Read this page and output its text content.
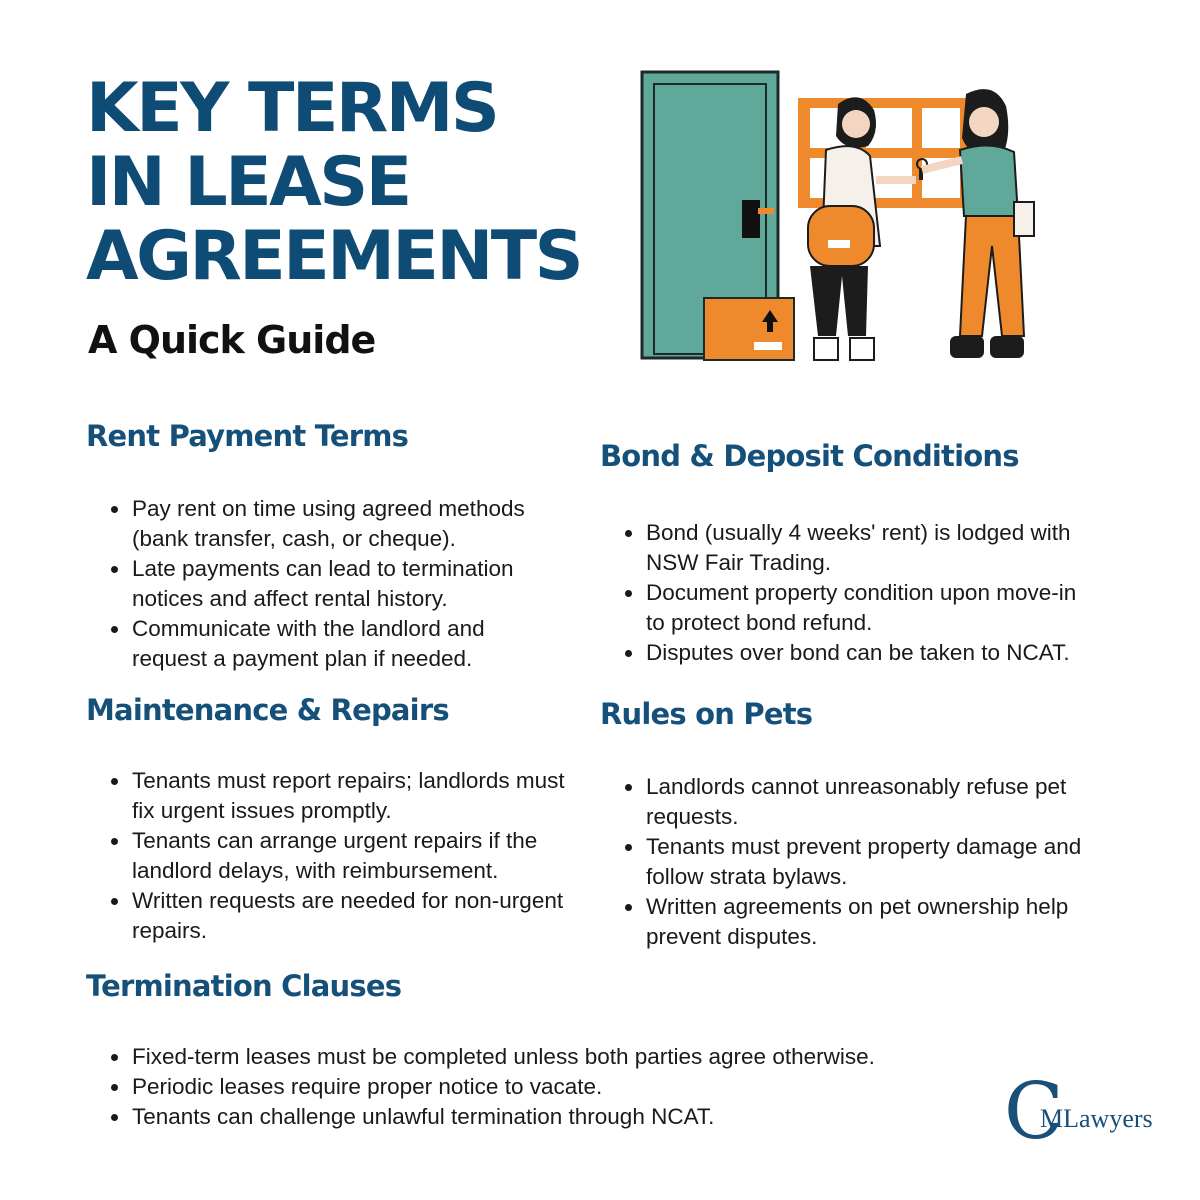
KEY TERMS
IN LEASE
AGREEMENTS

A Quick Guide

Rent Payment Terms
Pay rent on time using agreed methods (bank transfer, cash, or cheque).
Late payments can lead to termination notices and affect rental history.
Communicate with the landlord and request a payment plan if needed.
Bond & Deposit Conditions
Bond (usually 4 weeks' rent) is lodged with NSW Fair Trading.
Document property condition upon move-in to protect bond refund.
Disputes over bond can be taken to NCAT.
Maintenance & Repairs
Tenants must report repairs; landlords must fix urgent issues promptly.
Tenants can arrange urgent repairs if the landlord delays, with reimbursement.
Written requests are needed for non-urgent repairs.
Rules on Pets
Landlords cannot unreasonably refuse pet requests.
Tenants must prevent property damage and follow strata bylaws.
Written agreements on pet ownership help prevent disputes.
Termination Clauses
Fixed-term leases must be completed unless both parties agree otherwise.
Periodic leases require proper notice to vacate.
Tenants can challenge unlawful termination through NCAT.	C
MLawyers
